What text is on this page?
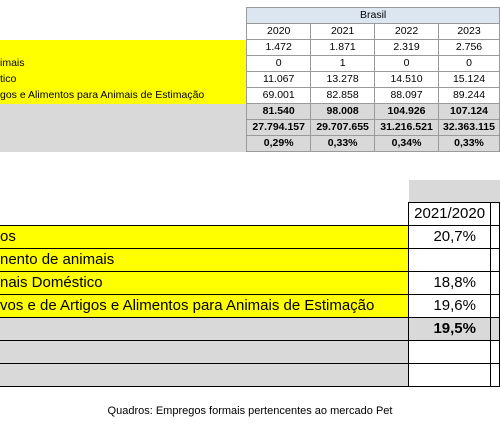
	Brasil			
	2020	2021	2022	2023
	1.472	1.871	2.319	2.756
imais	0	1	0	0
tico	11.067	13.278	14.510	15.124
gos e Alimentos para Animais de Estimação	69.001	82.858	88.097	89.244
	81.540	98.008	104.926	107.124
	27.794.157	29.707.655	31.216.521	32.363.115
	0,29%	0,33%	0,34%	0,33%

	2021/2020	
os	20,7%	
nento de animais		
nais Doméstico	18,8%	
vos e de Artigos e Alimentos para Animais de Estimação	19,6%	
	19,5%	

Quadros: Empregos formais pertencentes ao mercado Pet
